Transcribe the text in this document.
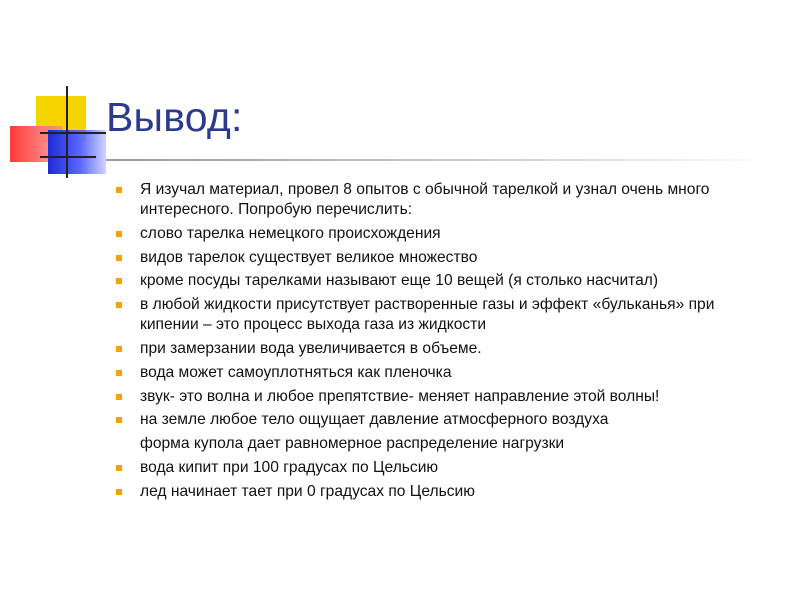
Вывод:
Я изучал материал, провел 8 опытов с обычной тарелкой и узнал очень много интересного. Попробую перечислить:
слово тарелка немецкого происхождения
видов тарелок существует великое множество
кроме посуды тарелками называют еще 10 вещей (я столько насчитал)
в любой жидкости присутствует растворенные газы и эффект «бульканья» при кипении – это процесс выхода газа из жидкости
при замерзании вода увеличивается в объеме.
вода может самоуплотняться как пленочка
звук- это волна и любое препятствие- меняет направление этой волны!
на земле любое тело ощущает давление атмосферного воздуха
форма купола дает равномерное распределение нагрузки
вода кипит при 100 градусах по Цельсию
лед начинает тает при 0 градусах по Цельсию
